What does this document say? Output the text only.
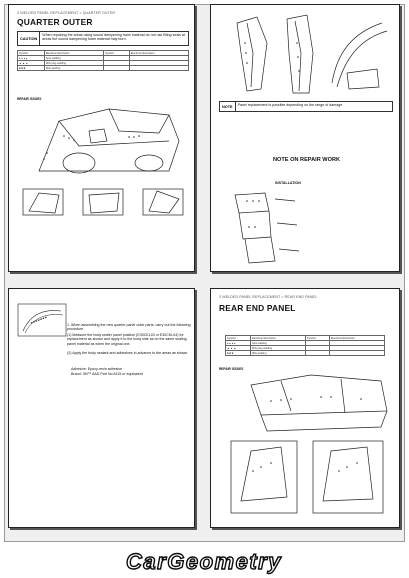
3 WELDED PANEL REPLACEMENT > QUARTER OUTER
QUARTER OUTER
CAUTION
When repairing the areas using sound dampening foam material do not use filling seals at areas the sound dampening foam material may burn.
Symbol	Electrical description	Symbol	Electrical description
● ● ● ●	Spot welding		
▲ ▲ ▲	MIG plug welding		
■ ■ ■	MIG welding		
REPAIR ISSUES
NOTE	Panel replacement is possible depending on the range of damage.
NOTE ON REPAIR WORK
INSTALLATION
1. When assembling the new quarter panel outer parts, carry out the following procedure.
(1) Measure the body sealer panel position (E30CKL03 or E30CKL04) for replacement as shown and apply it to the body side as on the same sealing panel material as when the original one.
(2) Apply the body sealant and adhesives in advance to the areas as shown.
Adhesive: Epoxy-resin adhesive
Brand: 3M™ AAD Part No.8115 or equivalent
3 WELDED PANEL REPLACEMENT > REAR END PANEL
REAR END PANEL
Symbol	Electrical description	Symbol	Electrical description
● ● ● ●	Spot welding		
▲ ▲ ▲	MIG plug welding		
■ ■ ■	MIG welding		
REPAIR ISSUES
CarGeometry
